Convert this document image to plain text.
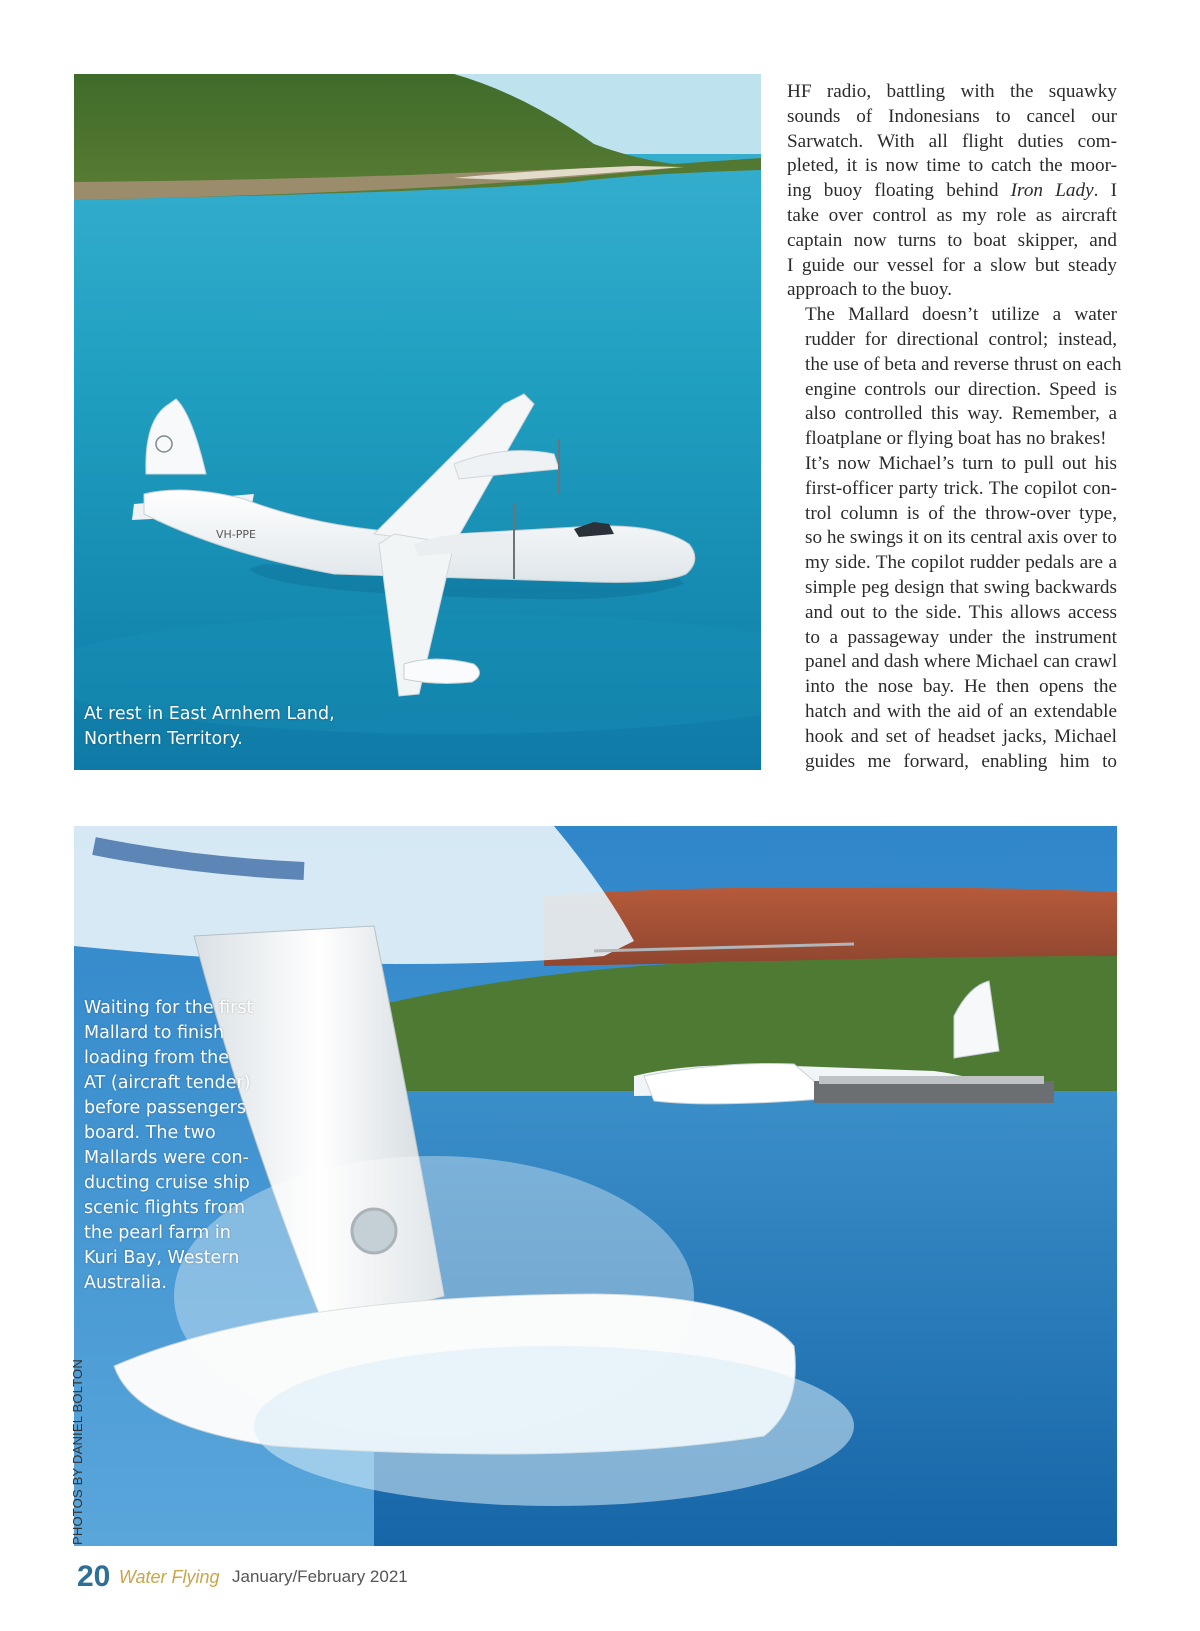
VH-PPE
At rest in East Arnhem Land,
Northern Territory.

HF radio, battling with the squawky
sounds of Indonesians to cancel our
Sarwatch. With all flight duties com-
pleted, it is now time to catch the moor-
ing buoy floating behind Iron Lady. I
take over control as my role as aircraft
captain now turns to boat skipper, and
I guide our vessel for a slow but steady
approach to the buoy.

The Mallard doesn’t utilize a water
rudder for directional control; instead,
the use of beta and reverse thrust on each
engine controls our direction. Speed is
also controlled this way. Remember, a
floatplane or flying boat has no brakes!

It’s now Michael’s turn to pull out his
first-officer party trick. The copilot con-
trol column is of the throw-over type,
so he swings it on its central axis over to
my side. The copilot rudder pedals are a
simple peg design that swing backwards
and out to the side. This allows access
to a passageway under the instrument
panel and dash where Michael can crawl
into the nose bay. He then opens the
hatch and with the aid of an extendable
hook and set of headset jacks, Michael
guides me forward, enabling him to

Waiting for the first
Mallard to finish
loading from the
AT (aircraft tender)
before passengers
board. The two
Mallards were con-
ducting cruise ship
scenic flights from
the pearl farm in
Kuri Bay, Western
Australia.
PHOTOS BY DANIEL BOLTON
20 Water Flying January/February 2021
